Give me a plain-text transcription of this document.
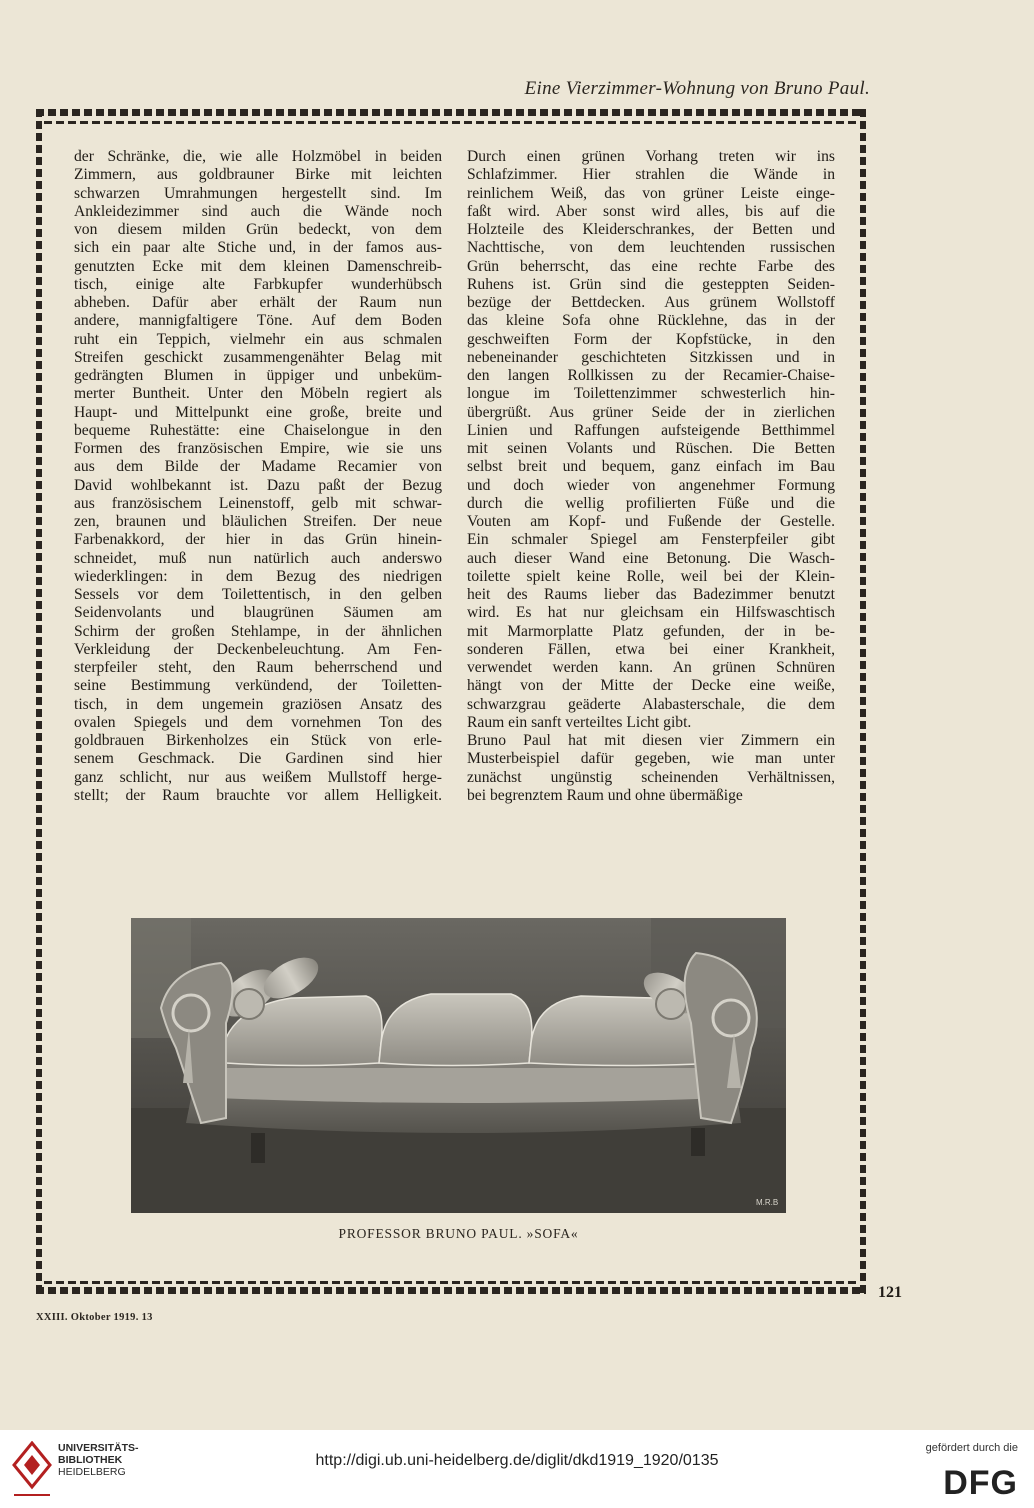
Eine Vierzimmer-Wohnung von Bruno Paul.

der Schränke, die, wie alle Holzmöbel in beiden

Zimmern, aus goldbrauner Birke mit leichten

schwarzen Umrahmungen hergestellt sind. Im

Ankleidezimmer sind auch die Wände noch

von diesem milden Grün bedeckt, von dem

sich ein paar alte Stiche und, in der famos aus-

genutzten Ecke mit dem kleinen Damenschreib-

tisch, einige alte Farbkupfer wunderhübsch

abheben. Dafür aber erhält der Raum nun

andere, mannigfaltigere Töne. Auf dem Boden

ruht ein Teppich, vielmehr ein aus schmalen

Streifen geschickt zusammengenähter Belag mit

gedrängten Blumen in üppiger und unbeküm-

merter Buntheit. Unter den Möbeln regiert als

Haupt- und Mittelpunkt eine große, breite und

bequeme Ruhestätte: eine Chaiselongue in den

Formen des französischen Empire, wie sie uns

aus dem Bilde der Madame Recamier von

David wohlbekannt ist. Dazu paßt der Bezug

aus französischem Leinenstoff, gelb mit schwar-

zen, braunen und bläulichen Streifen. Der neue

Farbenakkord, der hier in das Grün hinein-

schneidet, muß nun natürlich auch anderswo

wiederklingen: in dem Bezug des niedrigen

Sessels vor dem Toilettentisch, in den gelben

Seidenvolants und blaugrünen Säumen am

Schirm der großen Stehlampe, in der ähnlichen

Verkleidung der Deckenbeleuchtung. Am Fen-

sterpfeiler steht, den Raum beherrschend und

seine Bestimmung verkündend, der Toiletten-

tisch, in dem ungemein graziösen Ansatz des

ovalen Spiegels und dem vornehmen Ton des

goldbrauen Birkenholzes ein Stück von erle-

senem Geschmack. Die Gardinen sind hier

ganz schlicht, nur aus weißem Mullstoff herge-

stellt; der Raum brauchte vor allem Helligkeit.

Durch einen grünen Vorhang treten wir ins

Schlafzimmer. Hier strahlen die Wände in

reinlichem Weiß, das von grüner Leiste einge-

faßt wird. Aber sonst wird alles, bis auf die

Holzteile des Kleiderschrankes, der Betten und

Nachttische, von dem leuchtenden russischen

Grün beherrscht, das eine rechte Farbe des

Ruhens ist. Grün sind die gesteppten Seiden-

bezüge der Bettdecken. Aus grünem Wollstoff

das kleine Sofa ohne Rücklehne, das in der

geschweiften Form der Kopfstücke, in den

nebeneinander geschichteten Sitzkissen und in

den langen Rollkissen zu der Recamier-Chaise-

longue im Toilettenzimmer schwesterlich hin-

übergrüßt. Aus grüner Seide der in zierlichen

Linien und Raffungen aufsteigende Betthimmel

mit seinen Volants und Rüschen. Die Betten

selbst breit und bequem, ganz einfach im Bau

und doch wieder von angenehmer Formung

durch die wellig profilierten Füße und die

Vouten am Kopf- und Fußende der Gestelle.

Ein schmaler Spiegel am Fensterpfeiler gibt

auch dieser Wand eine Betonung. Die Wasch-

toilette spielt keine Rolle, weil bei der Klein-

heit des Raums lieber das Badezimmer benutzt

wird. Es hat nur gleichsam ein Hilfswaschtisch

mit Marmorplatte Platz gefunden, der in be-

sonderen Fällen, etwa bei einer Krankheit,

verwendet werden kann. An grünen Schnüren

hängt von der Mitte der Decke eine weiße,

schwarzgrau geäderte Alabasterschale, die dem

Raum ein sanft verteiltes Licht gibt.

Bruno Paul hat mit diesen vier Zimmern ein

Musterbeispiel dafür gegeben, wie man unter

zunächst ungünstig scheinenden Verhältnissen,

bei begrenztem Raum und ohne übermäßige

M.R.B
PROFESSOR BRUNO PAUL. »SOFA«
121
XXIII. Oktober 1919. 13
UNIVERSITÄTS-
BIBLIOTHEK
HEIDELBERG
http://digi.ub.uni-heidelberg.de/diglit/dkd1919_1920/0135
gefördert durch die
DFG
